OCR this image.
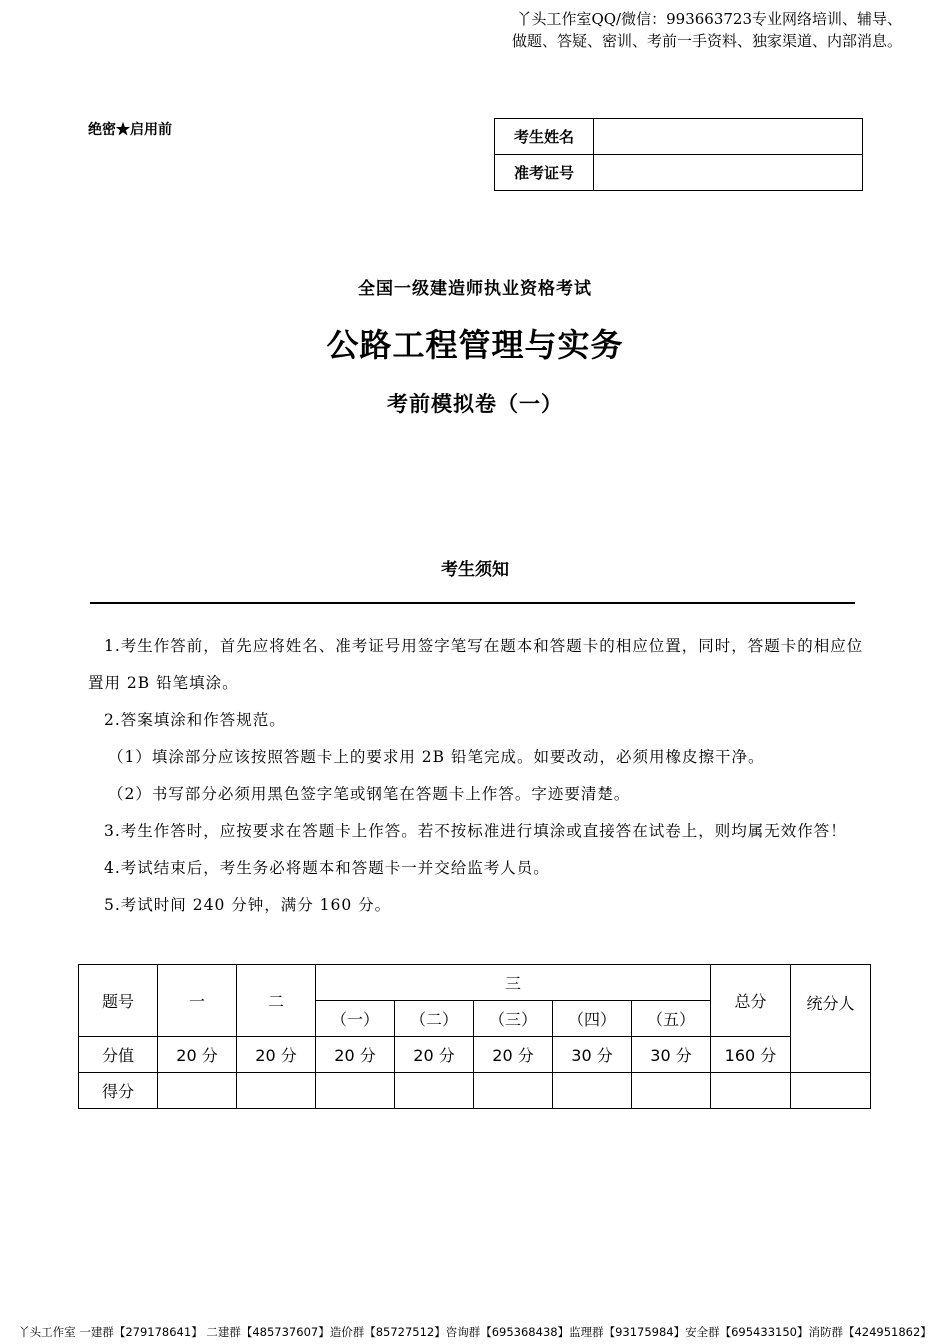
丫头工作室QQ/微信：993663723专业网络培训、辅导、
做题、答疑、密训、考前一手资料、独家渠道、内部消息。
绝密★启用前	考生姓名	
准考证号	
全国一级建造师执业资格考试
公路工程管理与实务
考前模拟卷（一）
考生须知

1.考生作答前，首先应将姓名、准考证号用签字笔写在题本和答题卡的相应位置，同时，答题卡的相应位置用 2B 铅笔填涂。

2.答案填涂和作答规范。

（1）填涂部分应该按照答题卡上的要求用 2B 铅笔完成。如要改动，必须用橡皮擦干净。

（2）书写部分必须用黑色签字笔或钢笔在答题卡上作答。字迹要清楚。

3.考生作答时，应按要求在答题卡上作答。若不按标准进行填涂或直接答在试卷上，则均属无效作答！

4.考试结束后，考生务必将题本和答题卡一并交给监考人员。

5.考试时间 240 分钟，满分 160 分。

题号	一	二	三					总分	统分人
			（一）	（二）	（三）	（四）	（五）		
分值	20 分	20 分	20 分	20 分	20 分	30 分	30 分	160 分	
得分									
丫头工作室 一建群【279178641】 二建群【485737607】造价群【85727512】咨询群【695368438】监理群【93175984】安全群【695433150】消防群【424951862】
